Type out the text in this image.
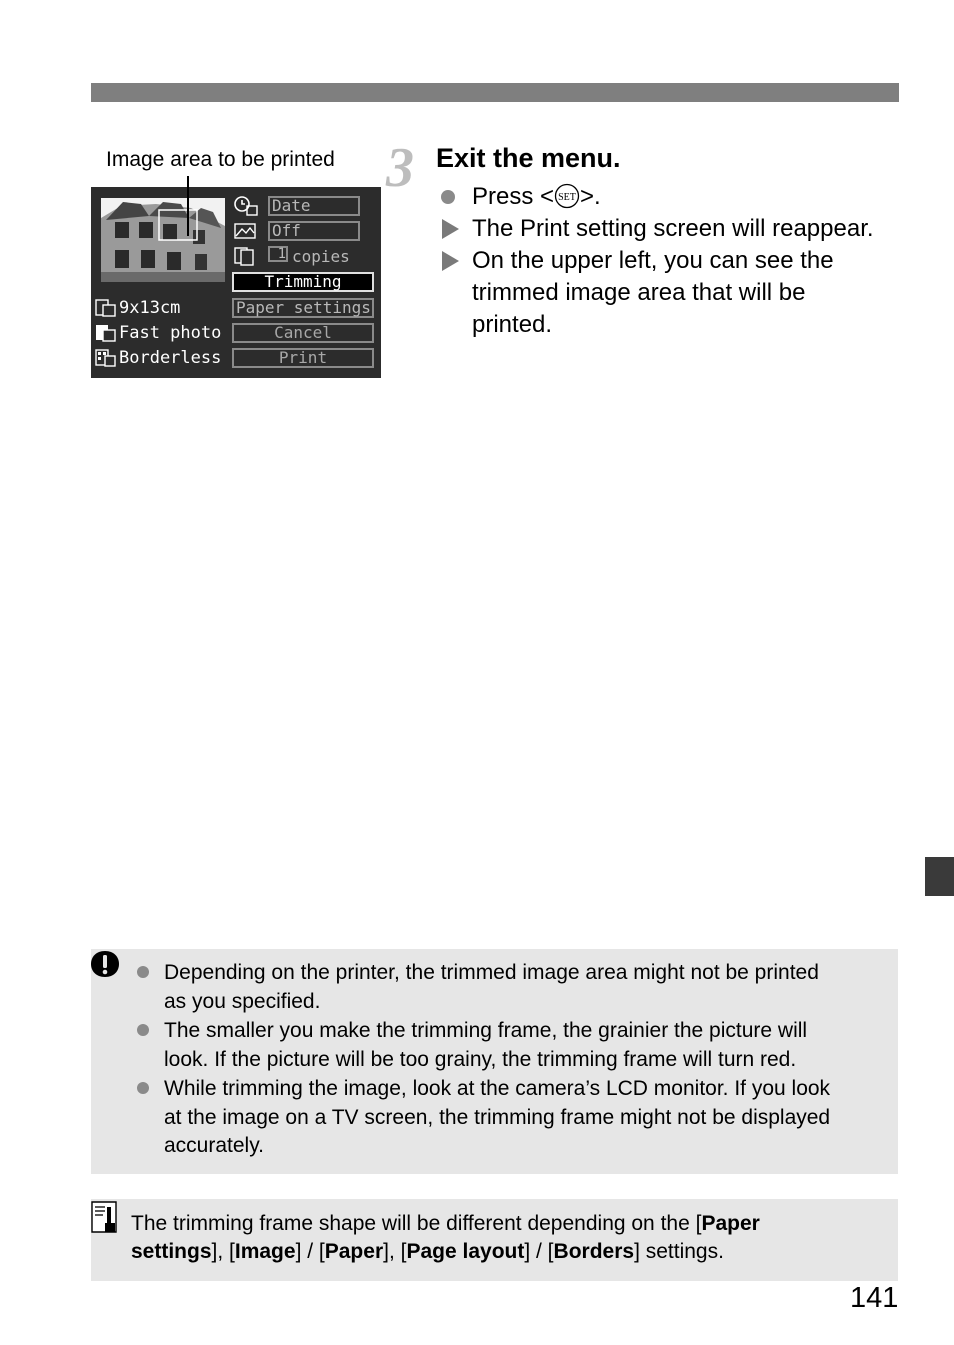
Image area to be printed
Date
Off
1 copies
Trimming
Paper settings
Cancel
Print
9x13cm
Fast photo
Borderless
3 Exit the menu.
Press < SET >.
The Print setting screen will reappear.
On the upper left, you can see the
trimmed image area that will be
printed.
Depending on the printer, the trimmed image area might not be printed
as you specified.
The smaller you make the trimming frame, the grainier the picture will
look. If the picture will be too grainy, the trimming frame will turn red.
While trimming the image, look at the camera’s LCD monitor. If you look
at the image on a TV screen, the trimming frame might not be displayed
accurately.
The trimming frame shape will be different depending on the [Paper
settings], [Image] / [Paper], [Page layout] / [Borders] settings.
141
